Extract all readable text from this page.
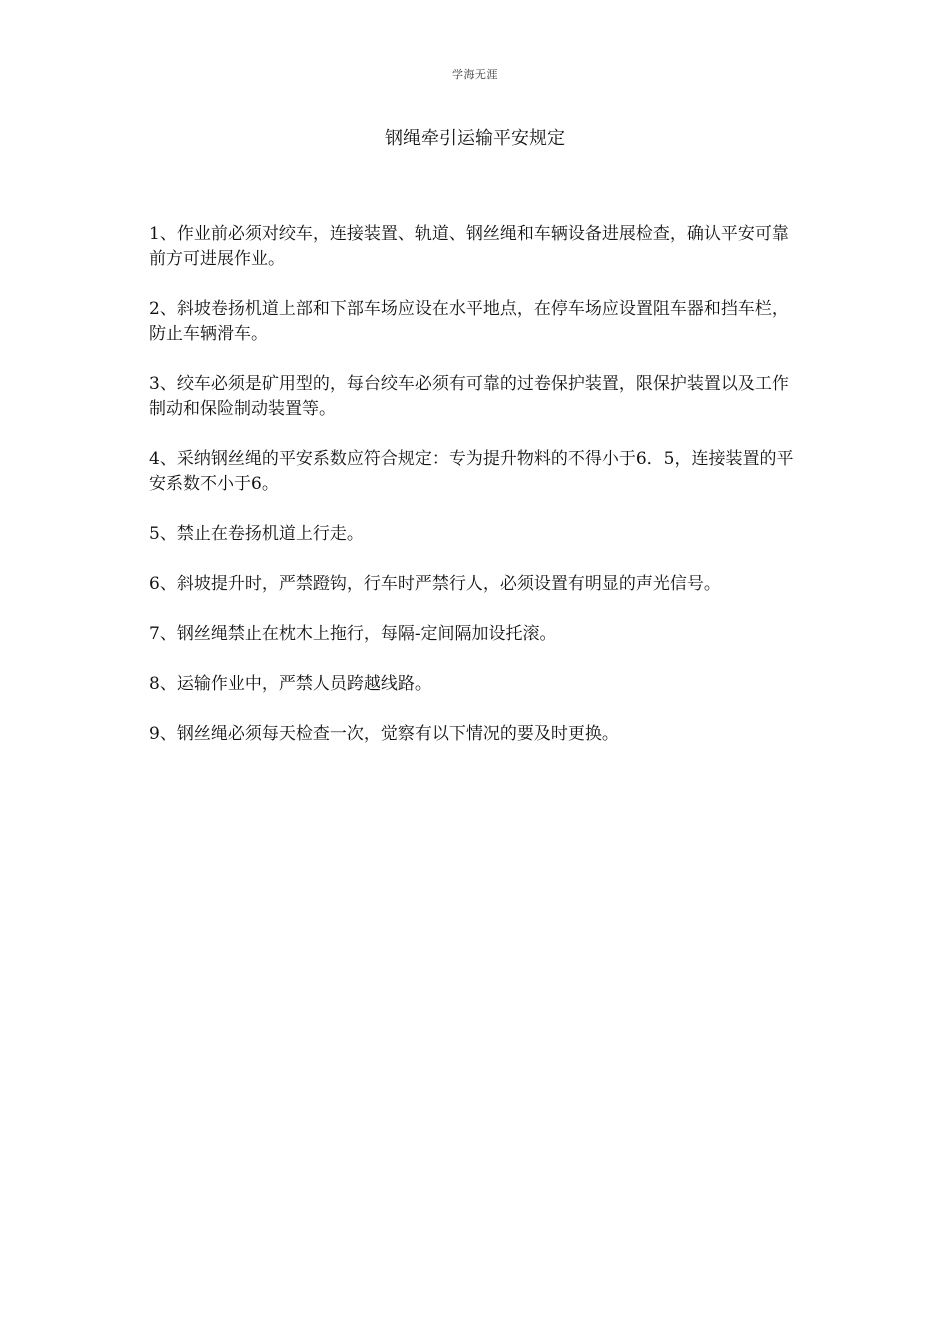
学海无涯
钢绳牵引运输平安规定
1、作业前必须对绞车，连接装置、轨道、钢丝绳和车辆设备进展检查，确认平安可靠前方可进展作业。
2、斜坡卷扬机道上部和下部车场应设在水平地点，在停车场应设置阻车器和挡车栏，防止车辆滑车。
3、绞车必须是矿用型的，每台绞车必须有可靠的过卷保护装置，限保护装置以及工作制动和保险制动装置等。
4、采纳钢丝绳的平安系数应符合规定：专为提升物料的不得小于6．5，连接装置的平安系数不小于6。
5、禁止在卷扬机道上行走。
6、斜坡提升时，严禁蹬钩，行车时严禁行人，必须设置有明显的声光信号。
7、钢丝绳禁止在枕木上拖行，每隔-定间隔加设托滚。
8、运输作业中，严禁人员跨越线路。
9、钢丝绳必须每天检查一次，觉察有以下情况的要及时更换。
